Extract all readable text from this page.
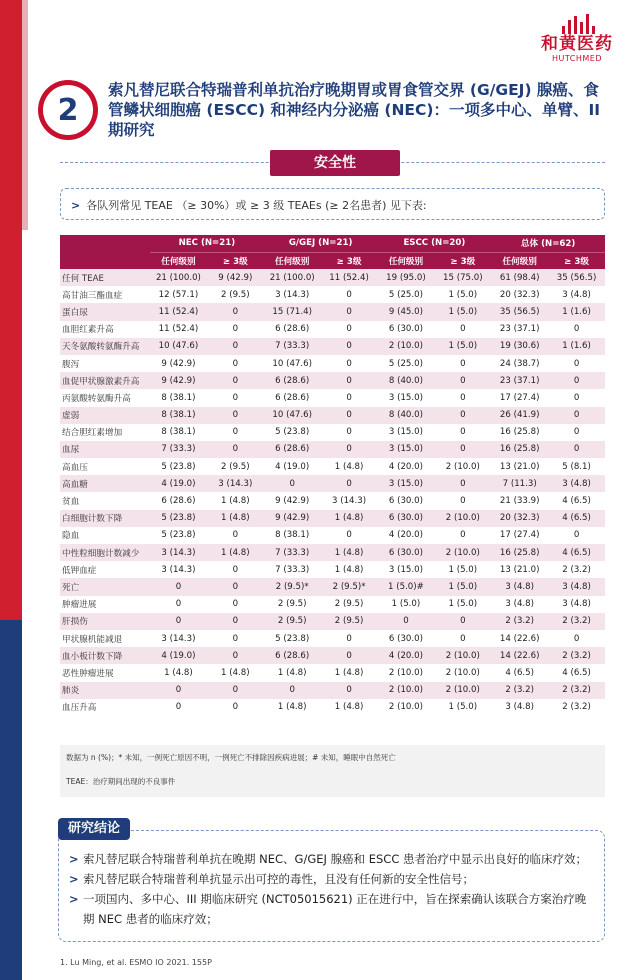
和黄医药
HUTCHMED
2
索凡替尼联合特瑞普利单抗治疗晚期胃或胃食管交界 (G/GEJ) 腺癌、食管鳞状细胞癌 (ESCC) 和神经内分泌癌 (NEC)：一项多中心、单臂、II 期研究
安全性
> 各队列常见 TEAE （≥ 30%）或 ≥ 3 级 TEAEs (≥ 2名患者) 见下表:
	NEC (N=21)		G/GEJ (N=21)		ESCC (N=20)		总体 (N=62)	
	任何级别	≥ 3级	任何级别	≥ 3级	任何级别	≥ 3级	任何级别	≥ 3级
任何 TEAE	21 (100.0)	9 (42.9)	21 (100.0)	11 (52.4)	19 (95.0)	15 (75.0)	61 (98.4)	35 (56.5)
高甘油三酯血症	12 (57.1)	2 (9.5)	3 (14.3)	0	5 (25.0)	1 (5.0)	20 (32.3)	3 (4.8)
蛋白尿	11 (52.4)	0	15 (71.4)	0	9 (45.0)	1 (5.0)	35 (56.5)	1 (1.6)
血胆红素升高	11 (52.4)	0	6 (28.6)	0	6 (30.0)	0	23 (37.1)	0
天冬氨酸转氨酶升高	10 (47.6)	0	7 (33.3)	0	2 (10.0)	1 (5.0)	19 (30.6)	1 (1.6)
腹泻	9 (42.9)	0	10 (47.6)	0	5 (25.0)	0	24 (38.7)	0
血促甲状腺激素升高	9 (42.9)	0	6 (28.6)	0	8 (40.0)	0	23 (37.1)	0
丙氨酸转氨酶升高	8 (38.1)	0	6 (28.6)	0	3 (15.0)	0	17 (27.4)	0
虚弱	8 (38.1)	0	10 (47.6)	0	8 (40.0)	0	26 (41.9)	0
结合胆红素增加	8 (38.1)	0	5 (23.8)	0	3 (15.0)	0	16 (25.8)	0
血尿	7 (33.3)	0	6 (28.6)	0	3 (15.0)	0	16 (25.8)	0
高血压	5 (23.8)	2 (9.5)	4 (19.0)	1 (4.8)	4 (20.0)	2 (10.0)	13 (21.0)	5 (8.1)
高血糖	4 (19.0)	3 (14.3)	0	0	3 (15.0)	0	7 (11.3)	3 (4.8)
贫血	6 (28.6)	1 (4.8)	9 (42.9)	3 (14.3)	6 (30.0)	0	21 (33.9)	4 (6.5)
白细胞计数下降	5 (23.8)	1 (4.8)	9 (42.9)	1 (4.8)	6 (30.0)	2 (10.0)	20 (32.3)	4 (6.5)
隐血	5 (23.8)	0	8 (38.1)	0	4 (20.0)	0	17 (27.4)	0
中性粒细胞计数减少	3 (14.3)	1 (4.8)	7 (33.3)	1 (4.8)	6 (30.0)	2 (10.0)	16 (25.8)	4 (6.5)
低钾血症	3 (14.3)	0	7 (33.3)	1 (4.8)	3 (15.0)	1 (5.0)	13 (21.0)	2 (3.2)
死亡	0	0	2 (9.5)*	2 (9.5)*	1 (5.0)#	1 (5.0)	3 (4.8)	3 (4.8)
肿瘤进展	0	0	2 (9.5)	2 (9.5)	1 (5.0)	1 (5.0)	3 (4.8)	3 (4.8)
肝损伤	0	0	2 (9.5)	2 (9.5)	0	0	2 (3.2)	2 (3.2)
甲状腺机能减退	3 (14.3)	0	5 (23.8)	0	6 (30.0)	0	14 (22.6)	0
血小板计数下降	4 (19.0)	0	6 (28.6)	0	4 (20.0)	2 (10.0)	14 (22.6)	2 (3.2)
恶性肿瘤进展	1 (4.8)	1 (4.8)	1 (4.8)	1 (4.8)	2 (10.0)	2 (10.0)	4 (6.5)	4 (6.5)
肺炎	0	0	0	0	2 (10.0)	2 (10.0)	2 (3.2)	2 (3.2)
血压升高	0	0	1 (4.8)	1 (4.8)	2 (10.0)	1 (5.0)	3 (4.8)	2 (3.2)
数据为 n (%)；* 未知，一例死亡原因不明，一例死亡不排除因疾病进展；# 未知，睡眠中自然死亡
TEAE：治疗期间出现的不良事件
> 索凡替尼联合特瑞普利单抗在晚期 NEC、G/GEJ 腺癌和 ESCC 患者治疗中显示出良好的临床疗效；
> 索凡替尼联合特瑞普利单抗显示出可控的毒性，且没有任何新的安全性信号；
> 一项国内、多中心、III 期临床研究 (NCT05015621) 正在进行中，旨在探索确认该联合方案治疗晚期 NEC 患者的临床疗效；
研究结论
1. Lu Ming, et al. ESMO IO 2021. 155P
